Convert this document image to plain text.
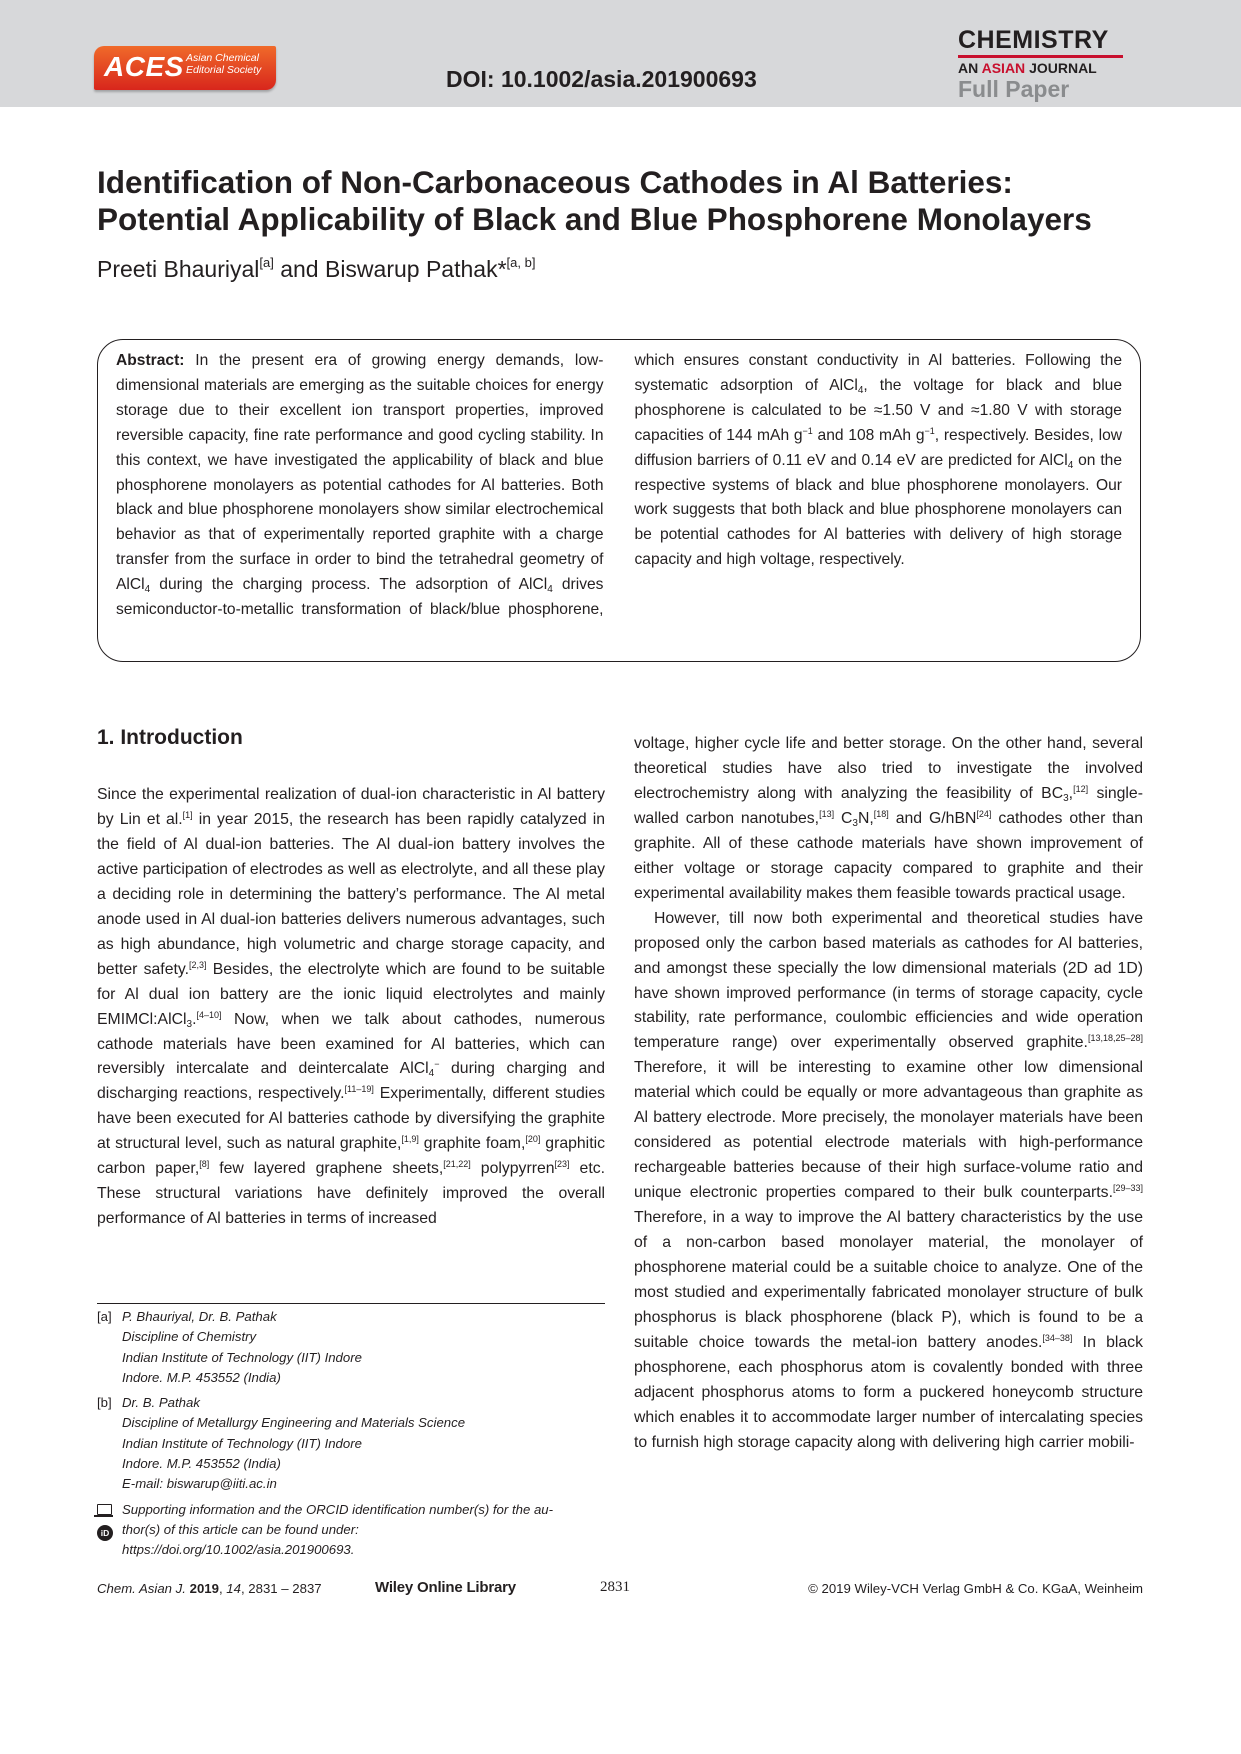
ACES Asian Chemical
Editorial Society	DOI: 10.1002/asia.201900693
CHEMISTRY
AN ASIAN JOURNAL
Full Paper
Identification of Non-Carbonaceous Cathodes in Al Batteries:
Potential Applicability of Black and Blue Phosphorene Monolayers
Preeti Bhauriyal[a] and Biswarup Pathak*[a, b]
Abstract: In the present era of growing energy demands, low-dimensional materials are emerging as the suitable choices for energy storage due to their excellent ion transport properties, improved reversible capacity, fine rate performance and good cycling stability. In this context, we have investigated the applicability of black and blue phosphorene monolayers as potential cathodes for Al batteries. Both black and blue phosphorene monolayers show similar electrochemical behavior as that of experimentally reported graphite with a charge transfer from the surface in order to bind the tetrahedral geometry of AlCl$_4$ during the charging process. The adsorption of AlCl$_4$ drives semiconductor-to-metallic transformation of black/blue phosphorene, which ensures constant conductivity in Al batteries. Following the systematic adsorption of AlCl$_4$, the voltage for black and blue phosphorene is calculated to be ≈1.50 V and ≈1.80 V with storage capacities of 144 mAh $g^{-1}$ and 108 mAh $g^{-1}$, respectively. Besides, low diffusion barriers of 0.11 eV and 0.14 eV are predicted for AlCl$_4$ on the respective systems of black and blue phosphorene monolayers. Our work suggests that both black and blue phosphorene monolayers can be potential cathodes for Al batteries with delivery of high storage capacity and high voltage, respectively.
1. Introduction

Since the experimental realization of dual-ion characteristic in Al battery by Lin et al.[1] in year 2015, the research has been rapidly catalyzed in the field of Al dual-ion batteries. The Al dual-ion battery involves the active participation of electrodes as well as electrolyte, and all these play a deciding role in determining the battery’s performance. The Al metal anode used in Al dual-ion batteries delivers numerous advantages, such as high abundance, high volumetric and charge storage capacity, and better safety.[2,3] Besides, the electrolyte which are found to be suitable for Al dual ion battery are the ionic liquid electrolytes and mainly EMIMCl:AlCl$_3$.[4–10] Now, when we talk about cathodes, numerous cathode materials have been examined for Al batteries, which can reversibly intercalate and deintercalate AlCl$_4$− during charging and discharging reactions, respectively.[11–19] Experimentally, different studies have been executed for Al batteries cathode by diversifying the graphite at structural level, such as natural graphite,[1,9] graphite foam,[20] graphitic carbon paper,[8] few layered graphene sheets,[21,22] polypyrren[23] etc. These structural variations have definitely improved the overall performance of Al batteries in terms of increased

voltage, higher cycle life and better storage. On the other hand, several theoretical studies have also tried to investigate the involved electrochemistry along with analyzing the feasibility of $BC_3,[12]$ single-walled carbon nanotubes,[13] $C_3N,[18]$ and G/hBN[24] cathodes other than graphite. All of these cathode materials have shown improvement of either voltage or storage capacity compared to graphite and their experimental availability makes them feasible towards practical usage.

However, till now both experimental and theoretical studies have proposed only the carbon based materials as cathodes for Al batteries, and amongst these specially the low dimensional materials (2D ad 1D) have shown improved performance (in terms of storage capacity, cycle stability, rate performance, coulombic efficiencies and wide operation temperature range) over experimentally observed graphite.[13,18,25–28] Therefore, it will be interesting to examine other low dimensional material which could be equally or more advantageous than graphite as Al battery electrode. More precisely, the monolayer materials have been considered as potential electrode materials with high-performance rechargeable batteries because of their high surface-volume ratio and unique electronic properties compared to their bulk counterparts.[29–33] Therefore, in a way to improve the Al battery characteristics by the use of a non-carbon based monolayer material, the monolayer of phosphorene material could be a suitable choice to analyze. One of the most studied and experimentally fabricated monolayer structure of bulk phosphorus is black phosphorene (black P), which is found to be a suitable choice towards the metal-ion battery anodes.[34–38] In black phosphorene, each phosphorus atom is covalently bonded with three adjacent phosphorus atoms to form a puckered honeycomb structure which enables it to accommodate larger number of intercalating species to furnish high storage capacity along with delivering high carrier mobili-

[a] P. Bhauriyal, Dr. B. Pathak
Discipline of Chemistry
Indian Institute of Technology (IIT) Indore
Indore. M.P. 453552 (India)
[b] Dr. B. Pathak
Discipline of Metallurgy Engineering and Materials Science
Indian Institute of Technology (IIT) Indore
Indore. M.P. 453552 (India)
E-mail: biswarup@iiti.ac.in
iD
Supporting information and the ORCID identification number(s) for the au-
thor(s) of this article can be found under:
https://doi.org/10.1002/asia.201900693.
Chem. Asian J. 2019, 14, 2831 – 2837	Wiley Online Library	2831	© 2019 Wiley-VCH Verlag GmbH & Co. KGaA, Weinheim
